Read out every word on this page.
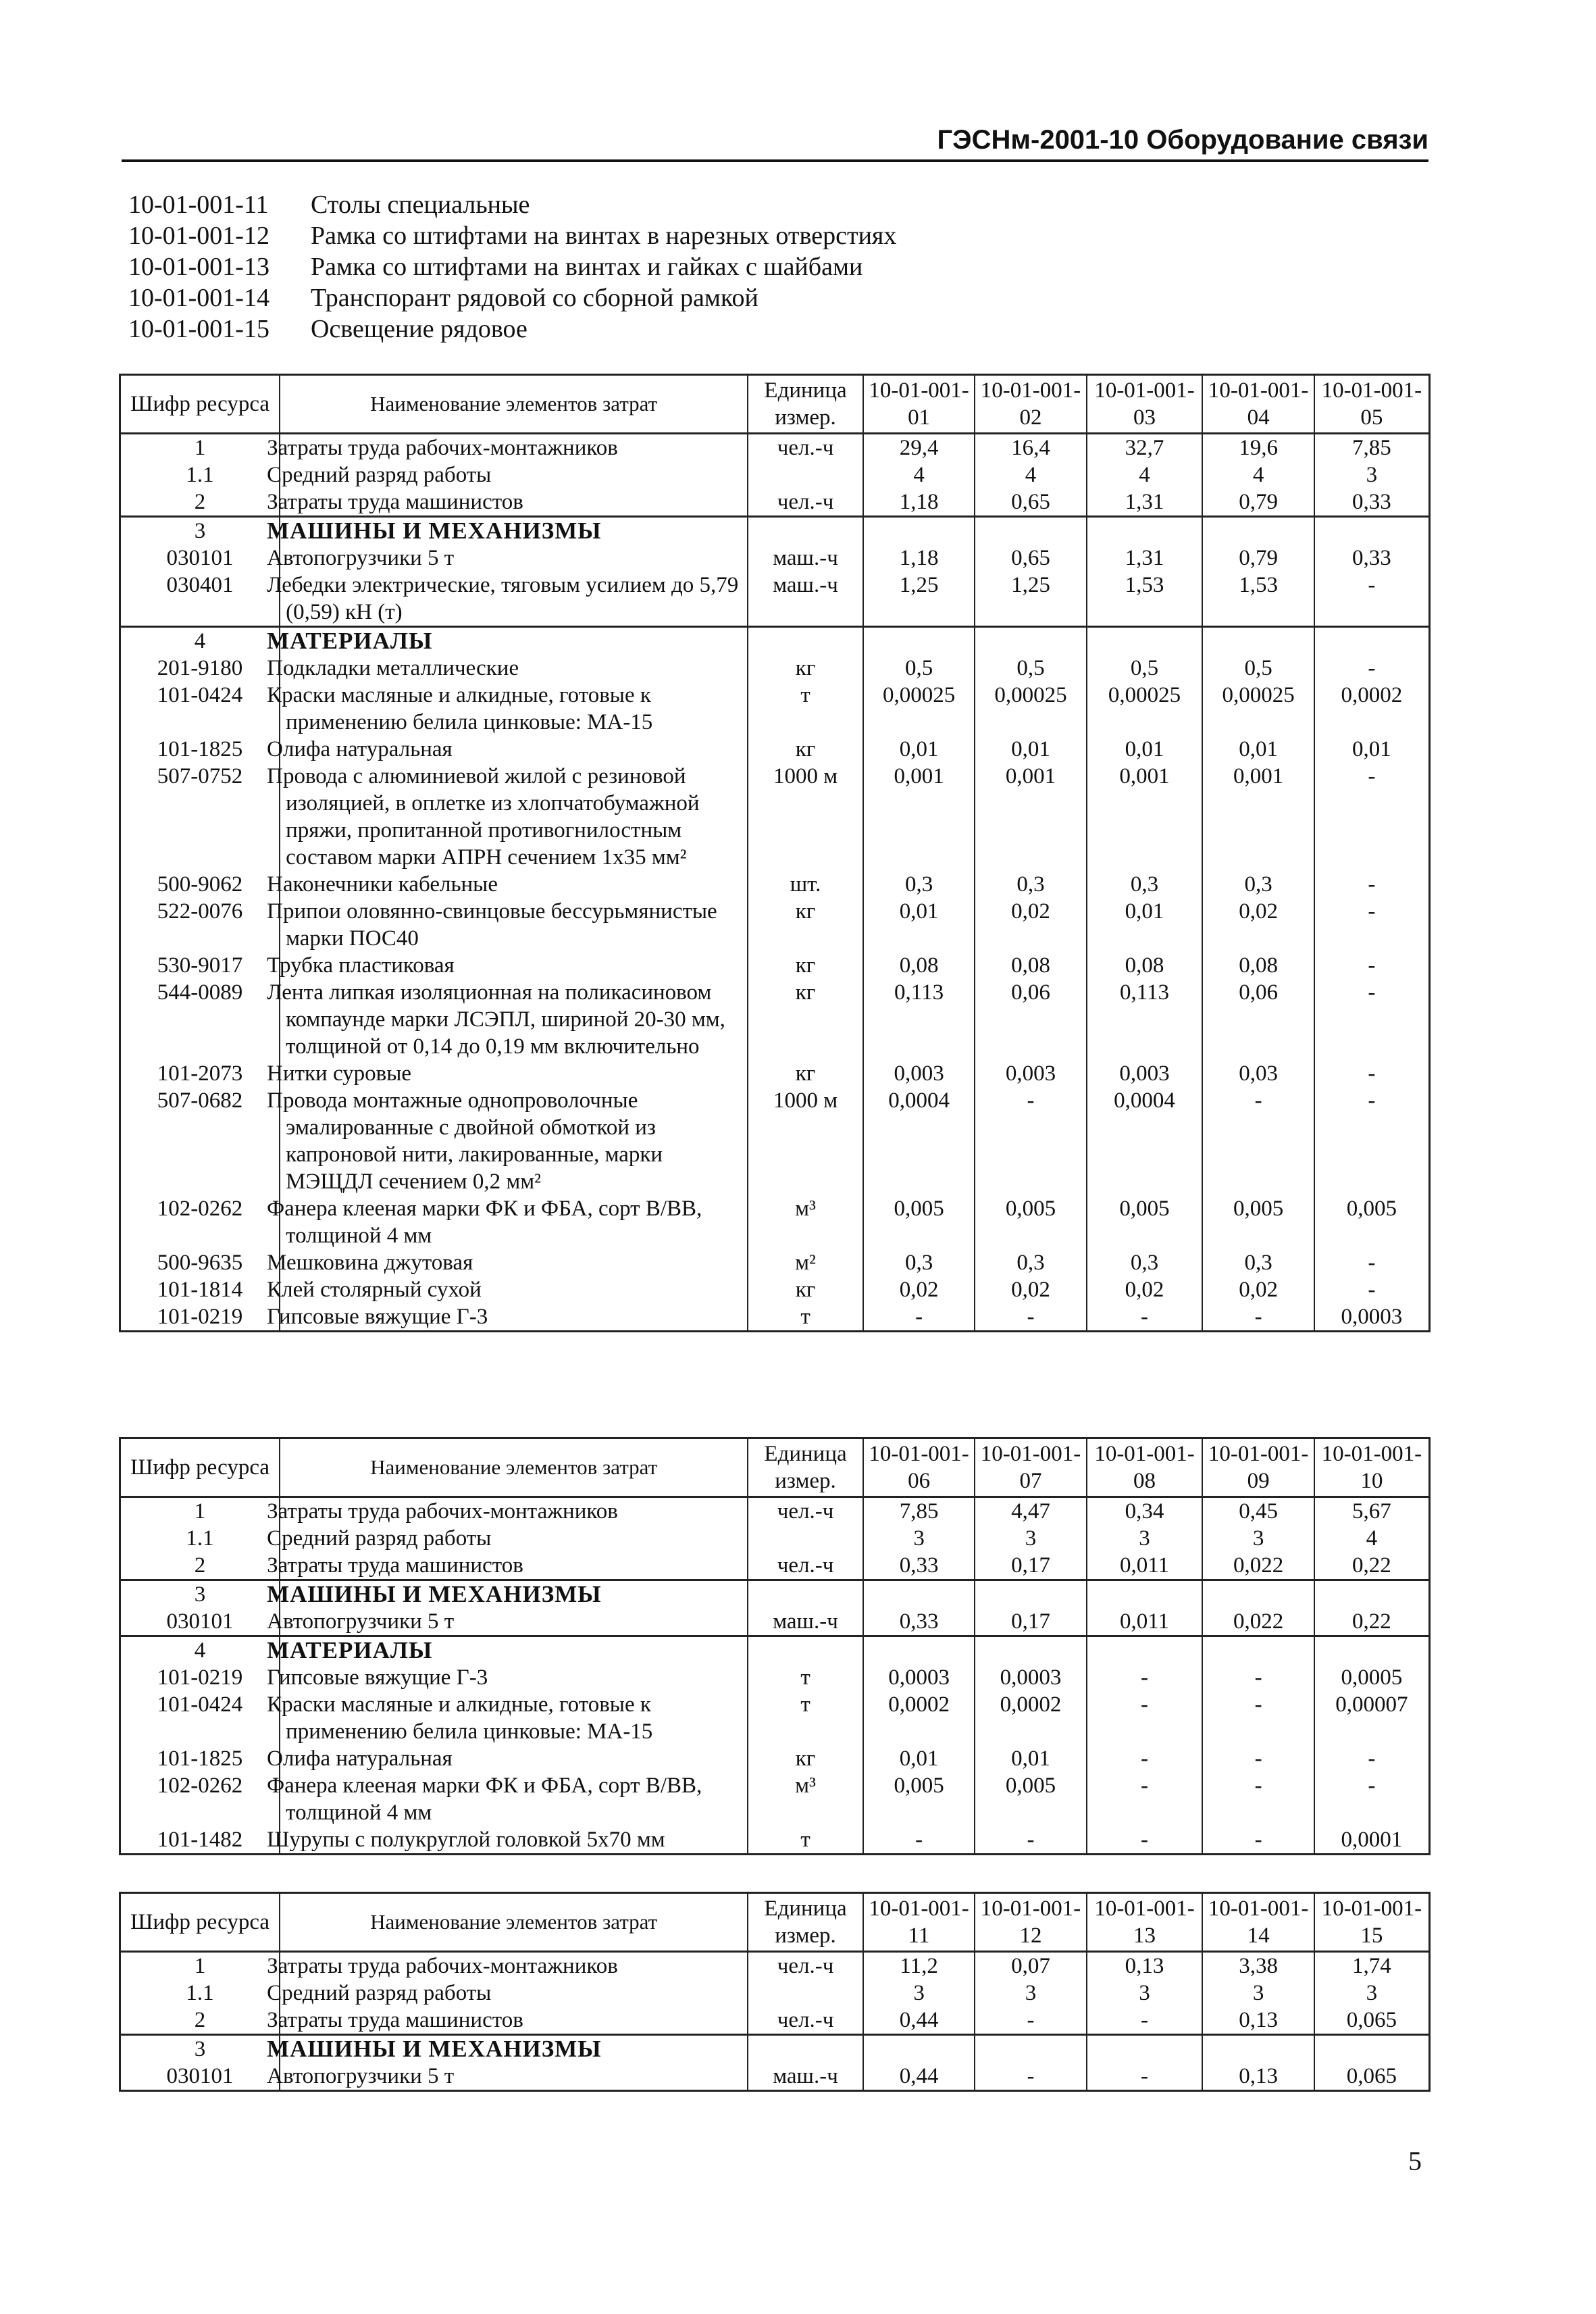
ГЭСНм-2001-10 Оборудование связи
10-01-001-11	Столы специальные
10-01-001-12	Рамка со штифтами на винтах в нарезных отверстиях
10-01-001-13	Рамка со штифтами на винтах и гайках с шайбами
10-01-001-14	Транспорант рядовой со сборной рамкой
10-01-001-15	Освещение рядовое
Шифр ресурса	Наименование элементов затрат	Единица измер.	10-01-001-01	10-01-001-02	10-01-001-03	10-01-001-04	10-01-001-05
1	Затраты труда рабочих-монтажников	чел.-ч	29,4	16,4	32,7	19,6	7,85
1.1	Средний разряд работы		4	4	4	4	3
2	Затраты труда машинистов	чел.-ч	1,18	0,65	1,31	0,79	0,33
3	МАШИНЫ И МЕХАНИЗМЫ						
030101	Автопогрузчики 5 т	маш.-ч	1,18	0,65	1,31	0,79	0,33
030401	Лебедки электрические, тяговым усилием до 5,79 (0,59) кН (т)	маш.-ч	1,25	1,25	1,53	1,53	-
4	МАТЕРИАЛЫ						
201-9180	Подкладки металлические	кг	0,5	0,5	0,5	0,5	-
101-0424	Краски масляные и алкидные, готовые к применению белила цинковые: МА-15	т	0,00025	0,00025	0,00025	0,00025	0,0002
101-1825	Олифа натуральная	кг	0,01	0,01	0,01	0,01	0,01
507-0752	Провода с алюминиевой жилой с резиновой изоляцией, в оплетке из хлопчатобумажной пряжи, пропитанной противогнилостным составом марки АПРН сечением 1х35 мм²	1000 м	0,001	0,001	0,001	0,001	-
500-9062	Наконечники кабельные	шт.	0,3	0,3	0,3	0,3	-
522-0076	Припои оловянно-свинцовые бессурьмянистые марки ПОС40	кг	0,01	0,02	0,01	0,02	-
530-9017	Трубка пластиковая	кг	0,08	0,08	0,08	0,08	-
544-0089	Лента липкая изоляционная на поликасиновом компаунде марки ЛСЭПЛ, шириной 20-30 мм, толщиной от 0,14 до 0,19 мм включительно	кг	0,113	0,06	0,113	0,06	-
101-2073	Нитки суровые	кг	0,003	0,003	0,003	0,03	-
507-0682	Провода монтажные однопроволочные эмалированные с двойной обмоткой из капроновой нити, лакированные, марки МЭЩДЛ сечением 0,2 мм²	1000 м	0,0004	-	0,0004	-	-
102-0262	Фанера клееная марки ФК и ФБА, сорт В/ВВ, толщиной 4 мм	м³	0,005	0,005	0,005	0,005	0,005
500-9635	Мешковина джутовая	м²	0,3	0,3	0,3	0,3	-
101-1814	Клей столярный сухой	кг	0,02	0,02	0,02	0,02	-
101-0219	Гипсовые вяжущие Г-3	т	-	-	-	-	0,0003
Шифр ресурса	Наименование элементов затрат	Единица измер.	10-01-001-06	10-01-001-07	10-01-001-08	10-01-001-09	10-01-001-10
1	Затраты труда рабочих-монтажников	чел.-ч	7,85	4,47	0,34	0,45	5,67
1.1	Средний разряд работы		3	3	3	3	4
2	Затраты труда машинистов	чел.-ч	0,33	0,17	0,011	0,022	0,22
3	МАШИНЫ И МЕХАНИЗМЫ						
030101	Автопогрузчики 5 т	маш.-ч	0,33	0,17	0,011	0,022	0,22
4	МАТЕРИАЛЫ						
101-0219	Гипсовые вяжущие Г-3	т	0,0003	0,0003	-	-	0,0005
101-0424	Краски масляные и алкидные, готовые к применению белила цинковые: МА-15	т	0,0002	0,0002	-	-	0,00007
101-1825	Олифа натуральная	кг	0,01	0,01	-	-	-
102-0262	Фанера клееная марки ФК и ФБА, сорт В/ВВ, толщиной 4 мм	м³	0,005	0,005	-	-	-
101-1482	Шурупы с полукруглой головкой 5х70 мм	т	-	-	-	-	0,0001
Шифр ресурса	Наименование элементов затрат	Единица измер.	10-01-001-11	10-01-001-12	10-01-001-13	10-01-001-14	10-01-001-15
1	Затраты труда рабочих-монтажников	чел.-ч	11,2	0,07	0,13	3,38	1,74
1.1	Средний разряд работы		3	3	3	3	3
2	Затраты труда машинистов	чел.-ч	0,44	-	-	0,13	0,065
3	МАШИНЫ И МЕХАНИЗМЫ						
030101	Автопогрузчики 5 т	маш.-ч	0,44	-	-	0,13	0,065
5
